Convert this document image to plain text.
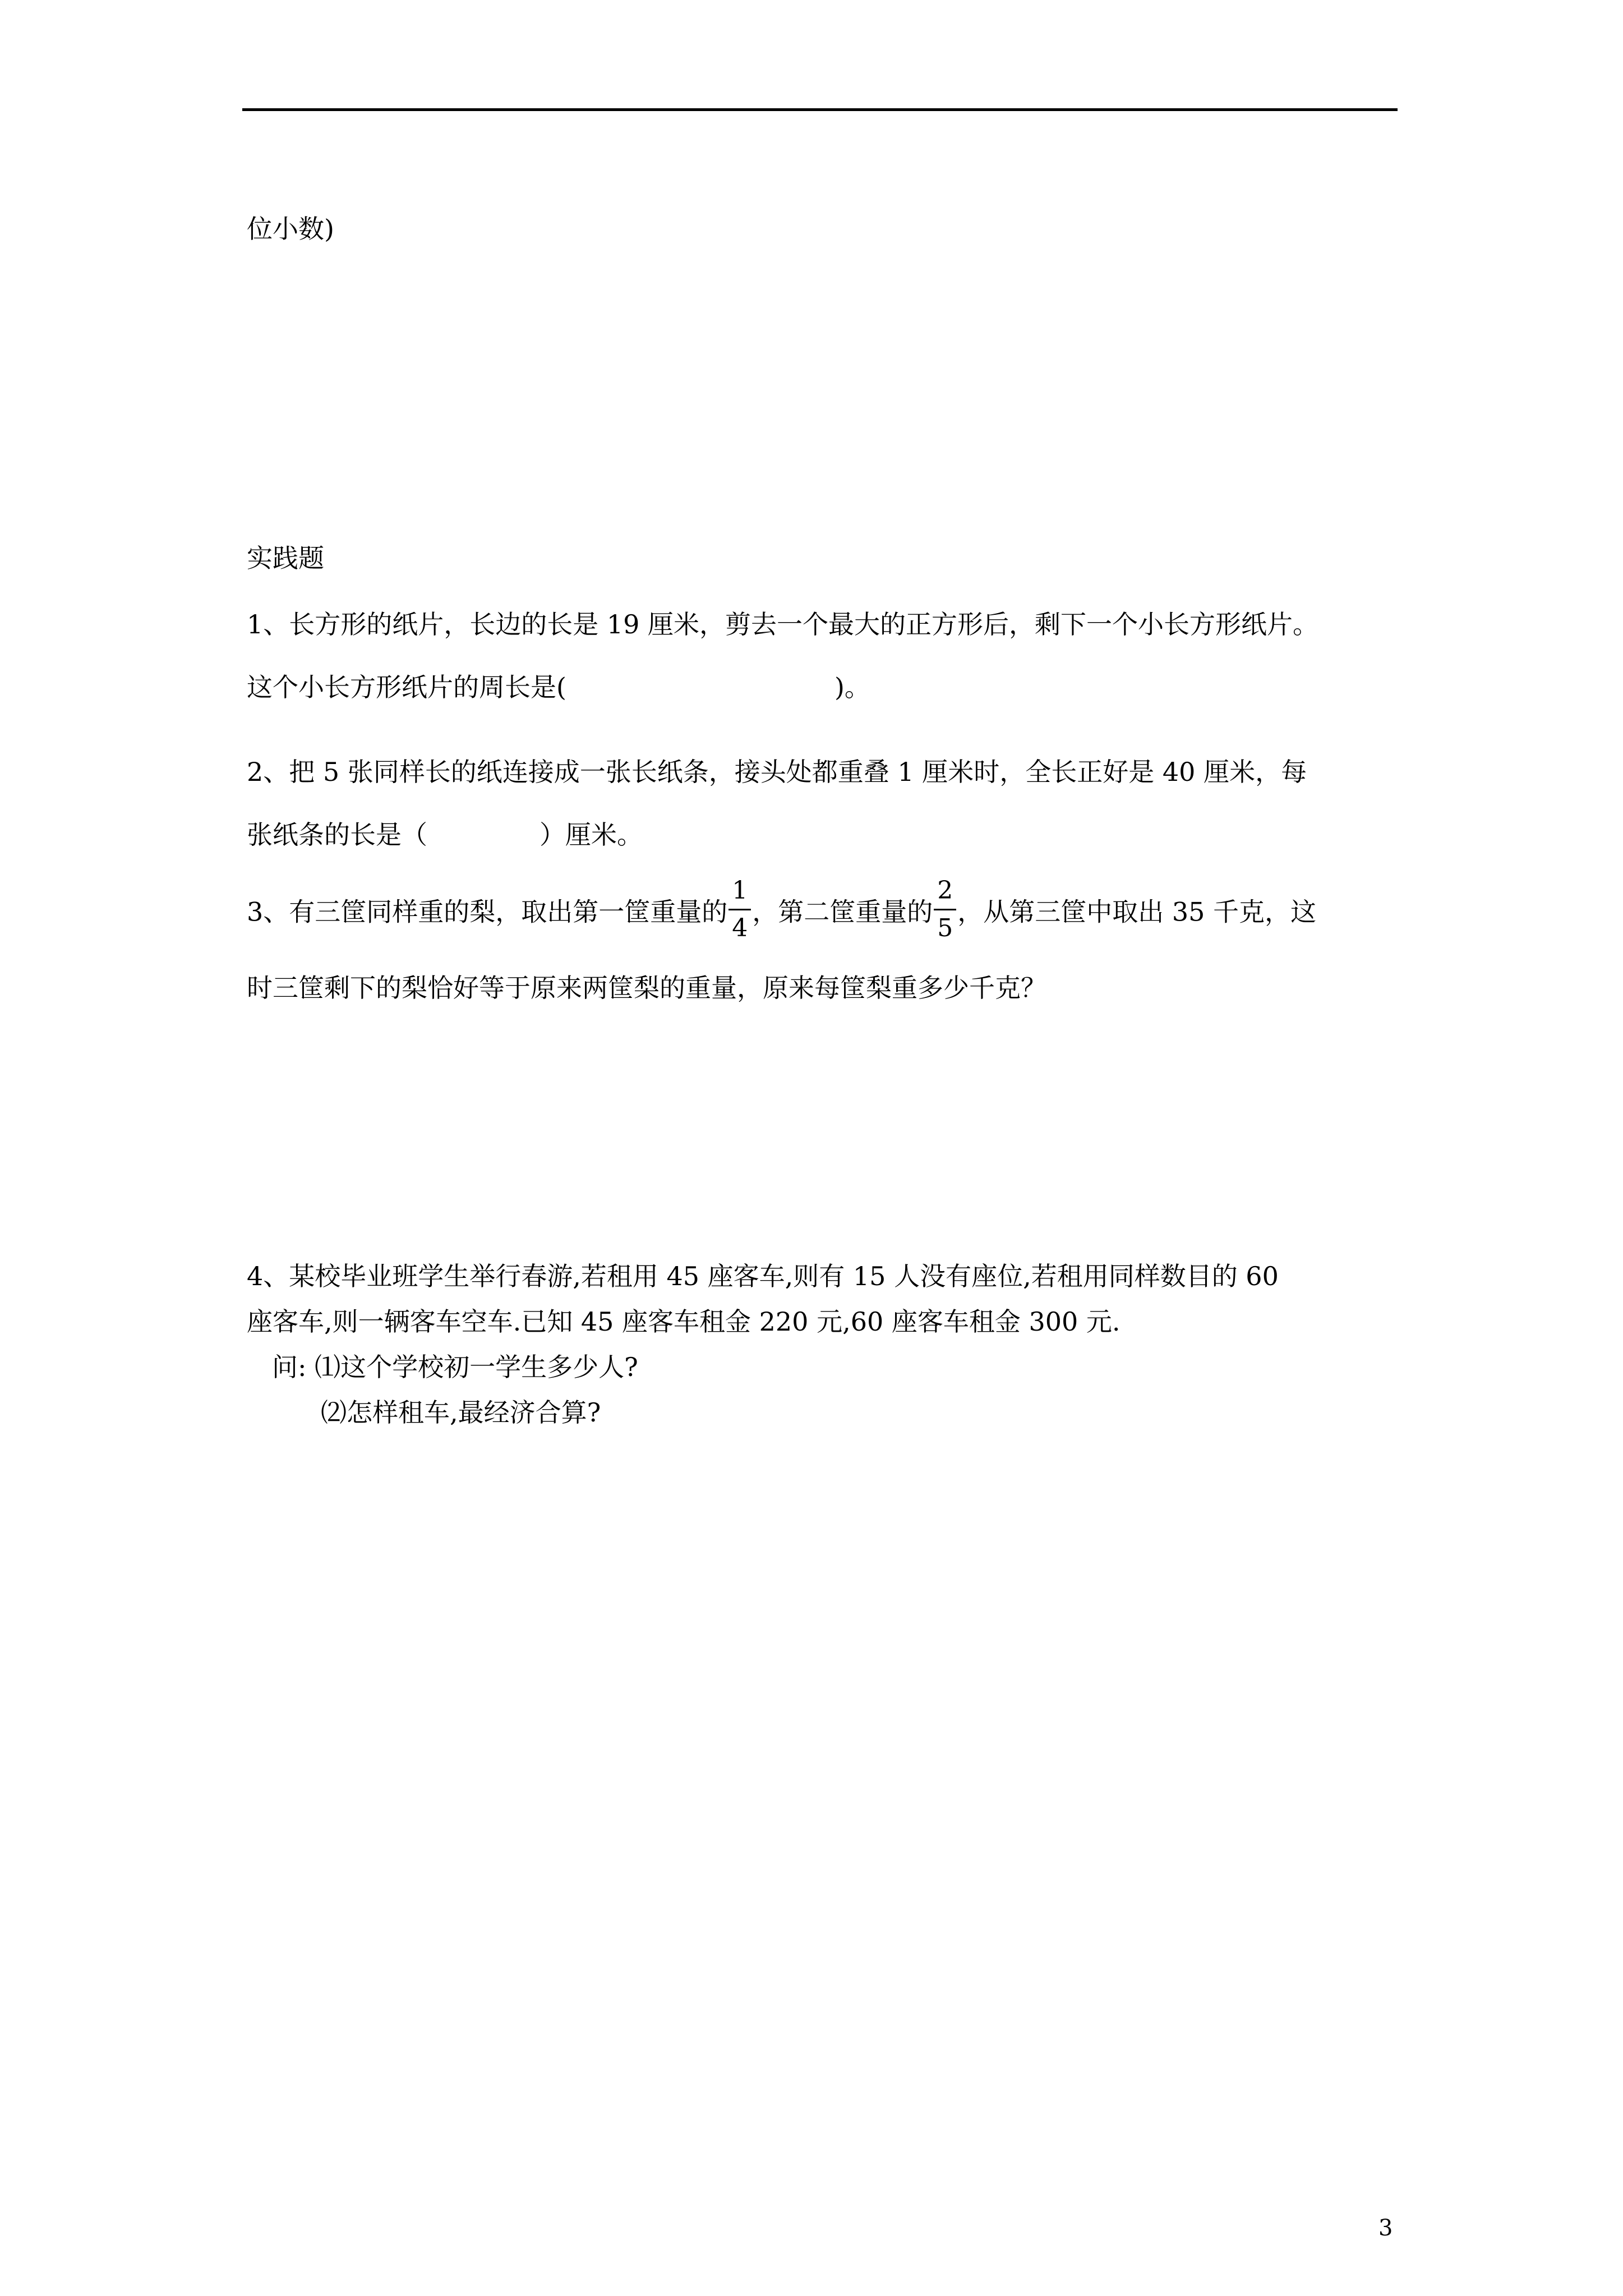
位小数)
实践题
1、长方形的纸片，长边的长是 19 厘米，剪去一个最大的正方形后，剩下一个小长方形纸片。
这个小长方形纸片的周长是(	)。
2、把 5 张同样长的纸连接成一张长纸条，接头处都重叠 1 厘米时，全长正好是 40 厘米，每
张纸条的长是（	）厘米。
3、有三筐同样重的梨，取出第一筐重量的 $\frac{1}{4}$ ，第二筐重量的 $\frac{2}{5}$ ，从第三筐中取出 35 千克，这
时三筐剩下的梨恰好等于原来两筐梨的重量，原来每筐梨重多少千克？
4、某校毕业班学生举行春游,若租用 45 座客车,则有 15 人没有座位,若租用同样数目的 60
座客车,则一辆客车空车.已知 45 座客车租金 220 元,60 座客车租金 300 元.
问: ⑴这个学校初一学生多少人?
⑵怎样租车,最经济合算?
3
